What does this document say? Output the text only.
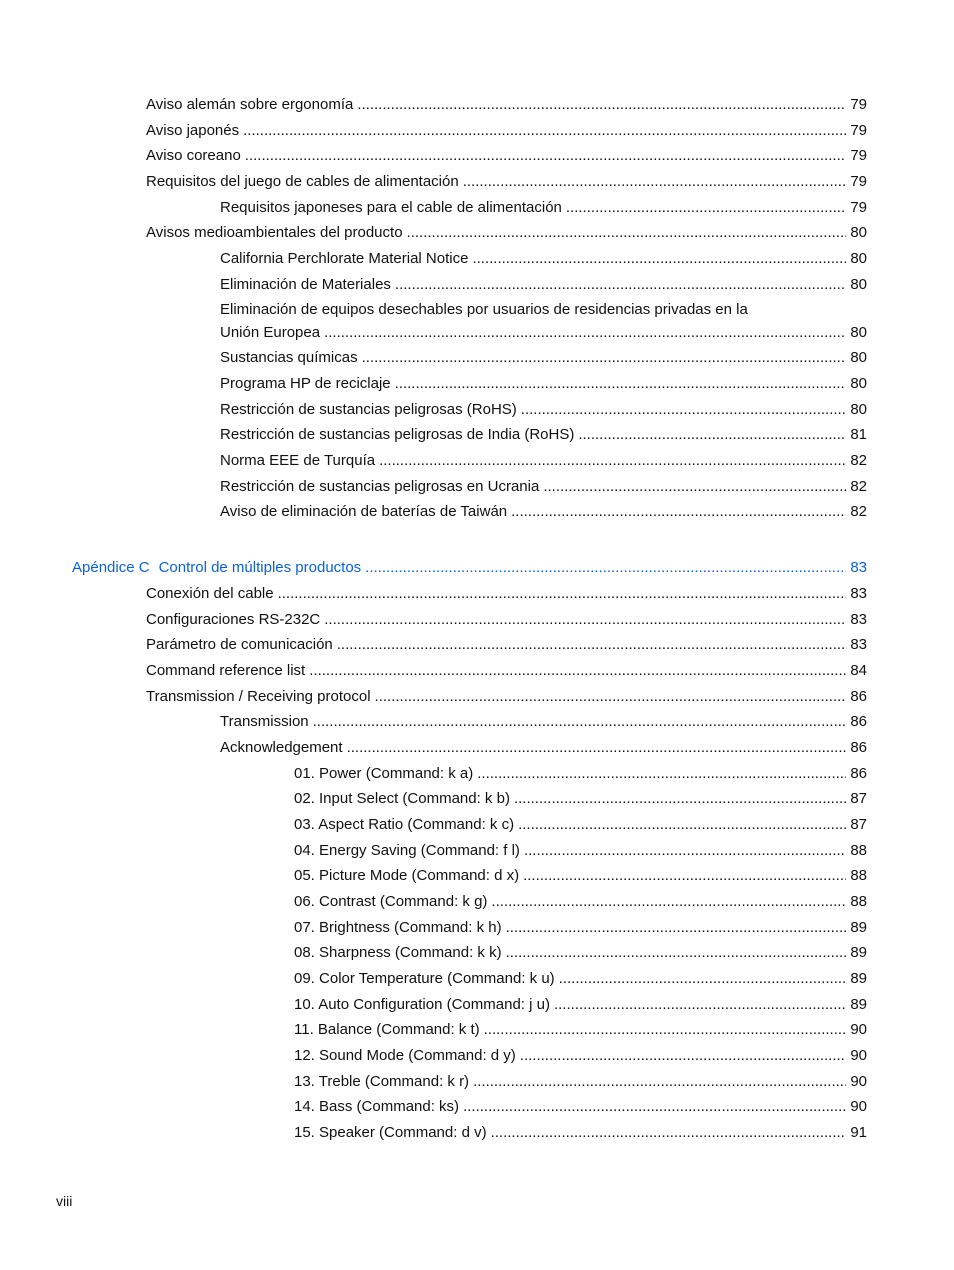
Aviso alemán sobre ergonomía .....	79
Aviso japonés .....	79
Aviso coreano .....	79
Requisitos del juego de cables de alimentación .....	79
Requisitos japoneses para el cable de alimentación .....	79
Avisos medioambientales del producto .....	80
California Perchlorate Material Notice .....	80
Eliminación de Materiales .....	80
Eliminación de equipos desechables por usuarios de residencias privadas en la
Unión Europea .....	80
Sustancias químicas .....	80
Programa HP de reciclaje .....	80
Restricción de sustancias peligrosas (RoHS) .....	80
Restricción de sustancias peligrosas de India (RoHS) .....	81
Norma EEE de Turquía .....	82
Restricción de sustancias peligrosas en Ucrania .....	82
Aviso de eliminación de baterías de Taiwán .....	82
Apéndice C Control de múltiples productos .....	83
Conexión del cable .....	83
Configuraciones RS-232C .....	83
Parámetro de comunicación .....	83
Command reference list .....	84
Transmission / Receiving protocol .....	86
Transmission .....	86
Acknowledgement .....	86
01. Power (Command: k a) .....	86
02. Input Select (Command: k b) .....	87
03. Aspect Ratio (Command: k c) .....	87
04. Energy Saving (Command: f l) .....	88
05. Picture Mode (Command: d x) .....	88
06. Contrast (Command: k g) .....	88
07. Brightness (Command: k h) .....	89
08. Sharpness (Command: k k) .....	89
09. Color Temperature (Command: k u) .....	89
10. Auto Configuration (Command: j u) .....	89
11. Balance (Command: k t) .....	90
12. Sound Mode (Command: d y) .....	90
13. Treble (Command: k r) .....	90
14. Bass (Command: ks) .....	90
15. Speaker (Command: d v) .....	91
viii
